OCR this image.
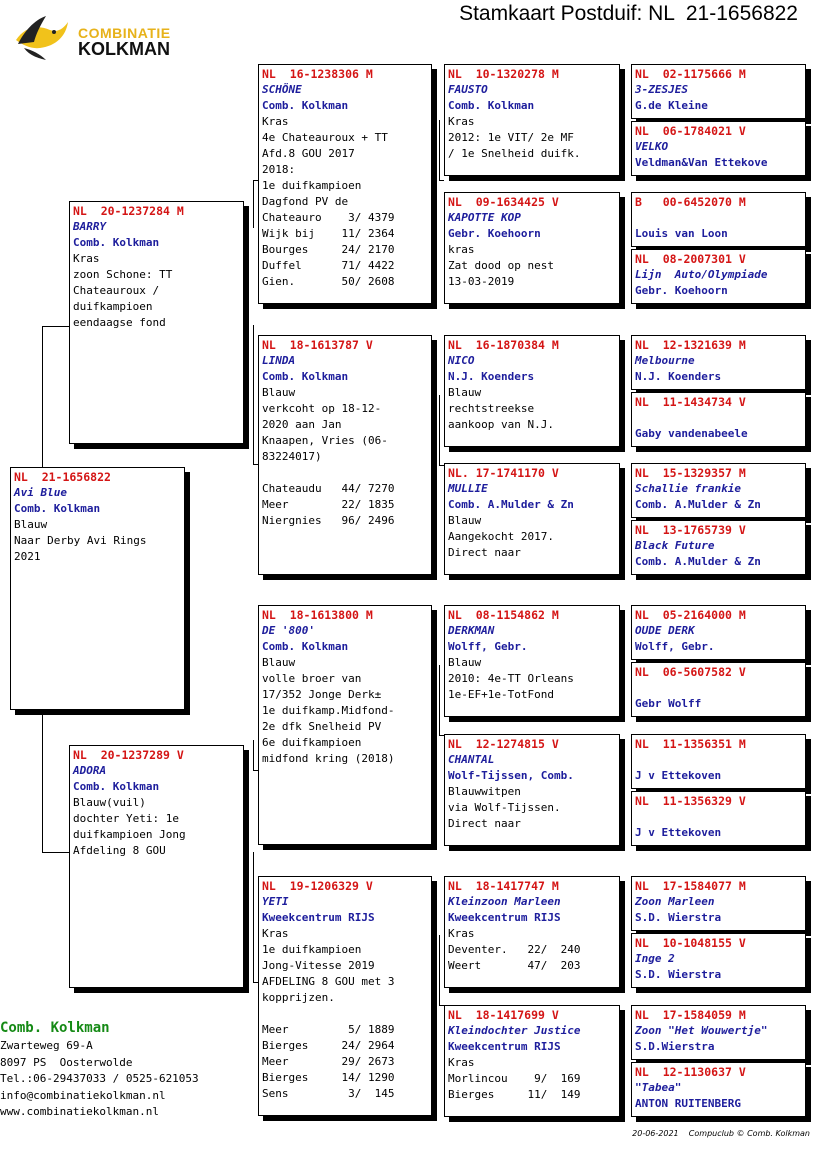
Stamkaart Postduif: NL  21-1656822
COMBINATIE
KOLKMAN
NL  21-1656822
Avi Blue
Comb. Kolkman
Blauw
Naar Derby Avi Rings
2021
NL  20-1237284 M
BARRY
Comb. Kolkman
Kras
zoon Schone: TT
Chateauroux /
duifkampioen
eendaagse fond
NL  20-1237289 V
ADORA
Comb. Kolkman
Blauw(vuil)
dochter Yeti: 1e
duifkampioen Jong
Afdeling 8 GOU
NL  16-1238306 M
SCHÖNE
Comb. Kolkman
Kras
4e Chateauroux + TT
Afd.8 GOU 2017
2018:
1e duifkampioen
Dagfond PV de
Chateauro    3/ 4379
Wijk bij    11/ 2364
Bourges     24/ 2170
Duffel      71/ 4422
Gien.       50/ 2608
NL  18-1613787 V
LINDA
Comb. Kolkman
Blauw
verkcoht op 18-12-
2020 aan Jan
Knaapen, Vries (06-
83224017)
Chateaudu   44/ 7270
Meer        22/ 1835
Niergnies   96/ 2496
NL  18-1613800 M
DE '800'
Comb. Kolkman
Blauw
volle broer van
17/352 Jonge Derk±
1e duifkamp.Midfond-
2e dfk Snelheid PV
6e duifkampioen
midfond kring (2018)
NL  19-1206329 V
YETI
Kweekcentrum RIJS
Kras
1e duifkampioen
Jong-Vitesse 2019
AFDELING 8 GOU met 3
kopprijzen.
Meer         5/ 1889
Bierges     24/ 2964
Meer        29/ 2673
Bierges     14/ 1290
Sens         3/  145
NL  10-1320278 M
FAUSTO
Comb. Kolkman
Kras
2012: 1e VIT/ 2e MF
/ 1e Snelheid duifk.
NL  09-1634425 V
KAPOTTE KOP
Gebr. Koehoorn
kras
Zat dood op nest
13-03-2019
NL  16-1870384 M
NICO
N.J. Koenders
Blauw
rechtstreekse
aankoop van N.J.
NL. 17-1741170 V
MULLIE
Comb. A.Mulder & Zn
Blauw
Aangekocht 2017.
Direct naar
NL  08-1154862 M
DERKMAN
Wolff, Gebr.
Blauw
2010: 4e-TT Orleans
1e-EF+1e-TotFond
NL  12-1274815 V
CHANTAL
Wolf-Tijssen, Comb.
Blauwwitpen
via Wolf-Tijssen.
Direct naar
NL  18-1417747 M
Kleinzoon Marleen
Kweekcentrum RIJS
Kras
Deventer.   22/  240
Weert       47/  203
NL  18-1417699 V
Kleindochter Justice
Kweekcentrum RIJS
Kras
Morlincou    9/  169
Bierges     11/  149
NL  02-1175666 M
3-ZESJES
G.de Kleine
NL  06-1784021 V
VELKO
Veldman&Van Ettekove
B   00-6452070 M
Louis van Loon
NL  08-2007301 V
Lijn  Auto/Olympiade
Gebr. Koehoorn
NL  12-1321639 M
Melbourne
N.J. Koenders
NL  11-1434734 V
Gaby vandenabeele
NL  15-1329357 M
Schallie frankie
Comb. A.Mulder & Zn
NL  13-1765739 V
Black Future
Comb. A.Mulder & Zn
NL  05-2164000 M
OUDE DERK
Wolff, Gebr.
NL  06-5607582 V
Gebr Wolff
NL  11-1356351 M
J v Ettekoven
NL  11-1356329 V
J v Ettekoven
NL  17-1584077 M
Zoon Marleen
S.D. Wierstra
NL  10-1048155 V
Inge 2
S.D. Wierstra
NL  17-1584059 M
Zoon "Het Wouwertje"
S.D.Wierstra
NL  12-1130637 V
"Tabea"
ANTON RUITENBERG
Comb. Kolkman
Zwarteweg 69-A
8097 PS  Oosterwolde
Tel.:06-29437033 / 0525-621053
info@combinatiekolkman.nl
www.combinatiekolkman.nl
20-06-2021    Compuclub © Comb. Kolkman
